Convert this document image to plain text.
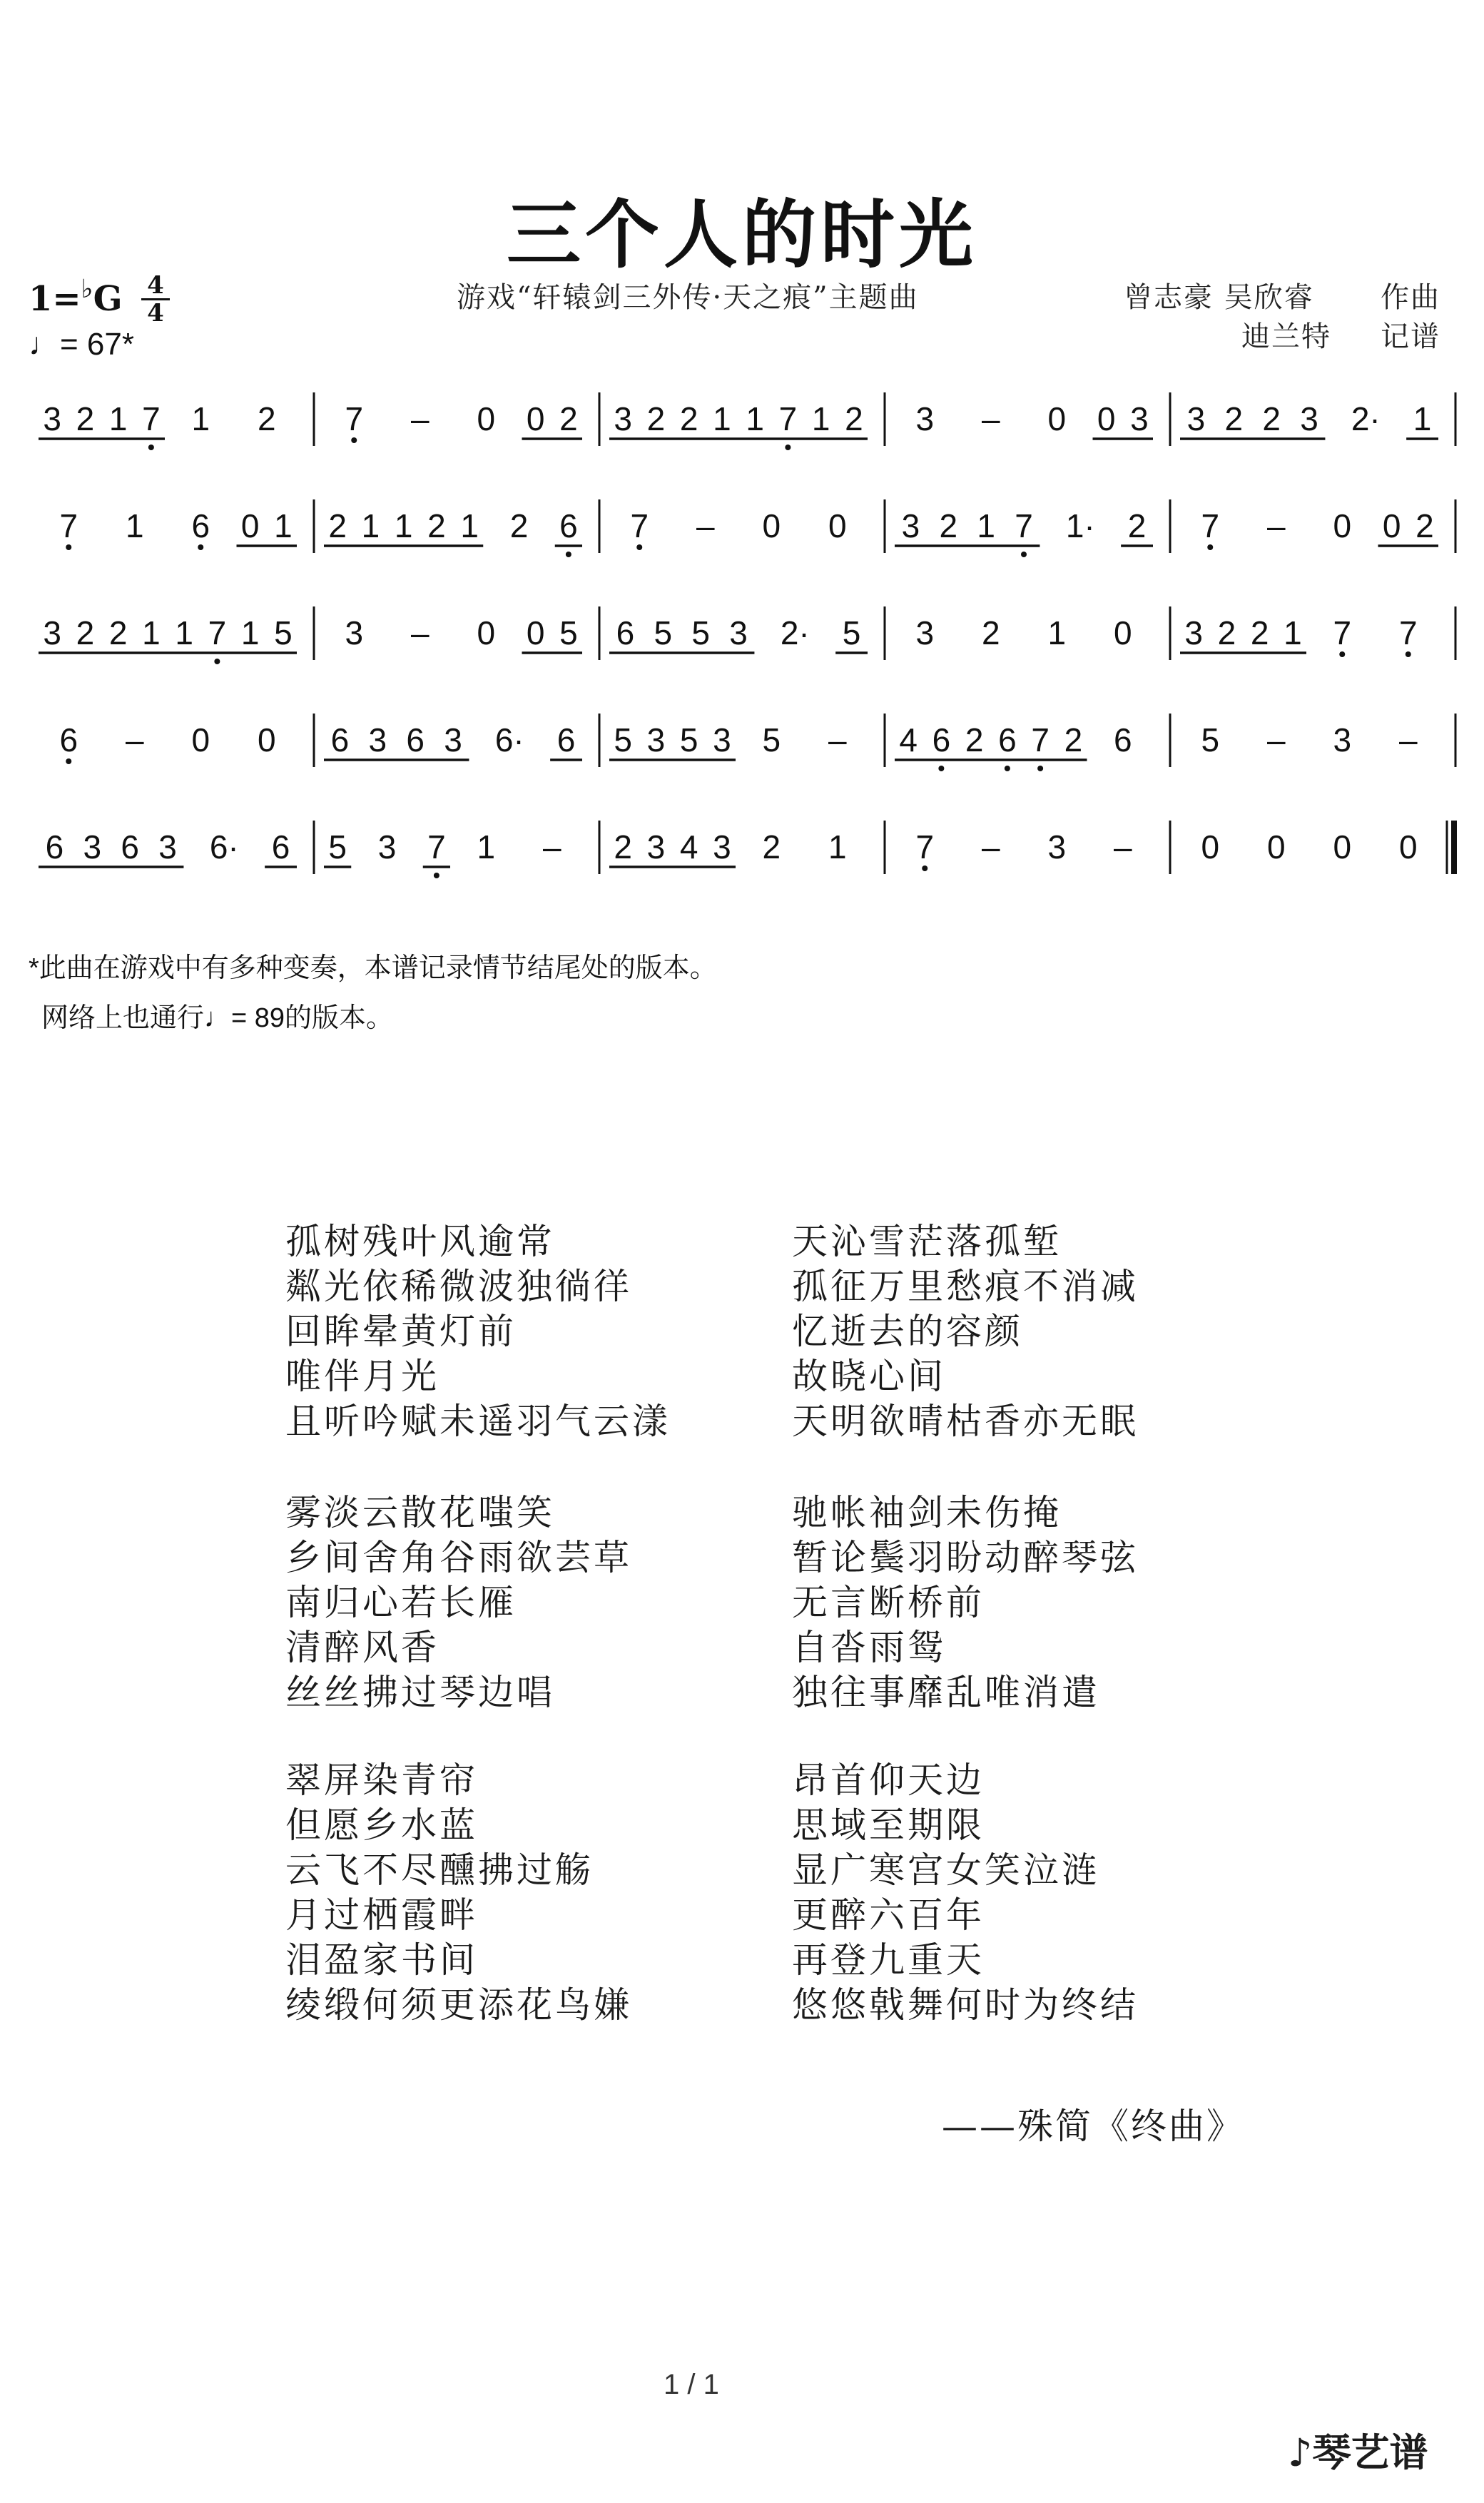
三个人的时光
1=♭G	4
4
♩= 67*
游戏“轩辕剑三外传·天之痕”主题曲	曾志豪 吴欣睿 作曲
迪兰特 记谱
3 2 1 7 1 2 7 – 0 0 2 3 2 2 1 1 7 1 2 3 – 0 0 3 3 2 2 3 2· 1
7 1 6 0 1 2 1 1 2 1 2 6 7 – 0 0 3 2 1 7 1· 2 7 – 0 0 2
3 2 2 1 1 7 1 5 3 – 0 0 5 6 5 5 3 2· 5 3 2 1 0 3 2 2 1 7 7
6 – 0 0 6 3 6 3 6· 6 5 3 5 3 5 – 4 6 2 6 7 2 6 5 – 3 –
6 3 6 3 6· 6 5 3 7 1 – 2 3 4 3 2 1 7 – 3 – 0 0 0 0
*此曲在游戏中有多种变奏，本谱记录情节结尾处的版本。
网络上也通行♩= 89的版本。
孤树残叶风逾常
粼光依稀微波独徜徉
回眸晕黄灯前
唯伴月光
且听吟赋未遥羽气云漾
天沁雪茫落孤堑
孤征万里愁痕不消减
忆逝去的容颜
故晓心间
天明欲晴枯香亦无眠
雾淡云散花嗤笑
乡间舍角谷雨欲芸草
南归心若长雁
清醉风香
丝丝拂过琴边唱
驰帐袖剑未伤掩
暂论鬓羽盼动醉琴弦
无言断桥前
自沓雨鸳
独往事靡乱唯消遣
翠屏染青帘
但愿乡水蓝
云飞不尽醺拂过觞
月过栖霞畔
泪盈家书间
绫缎何须更添花鸟嫌
昂首仰天边
思域至期限
显广寒宫女笑泣涟
更醉六百年
再登九重天
悠悠戟舞何时为终结
——殊简《终曲》
1 / 1
♪琴艺谱
